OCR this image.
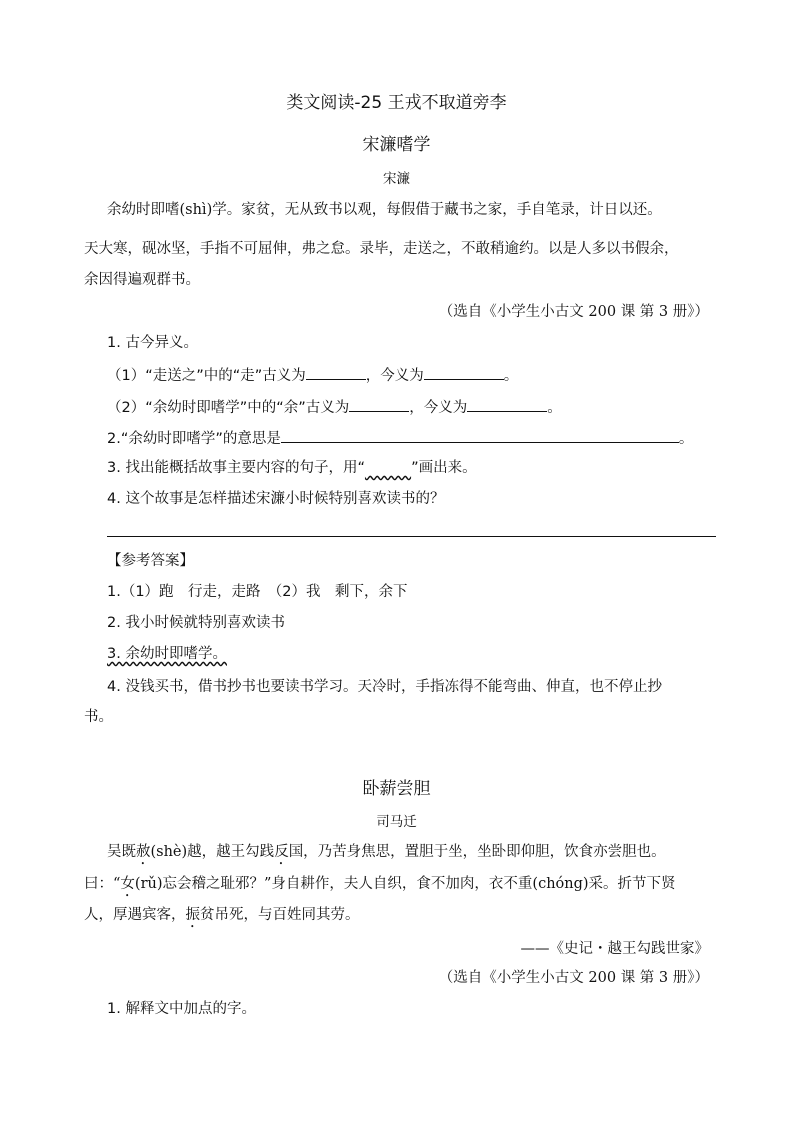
类文阅读-25 王戎不取道旁李
宋濂嗜学
宋濂
余幼时即嗜(shì)学。家贫，无从致书以观，每假借于藏书之家，手自笔录，计日以还。
天大寒，砚冰坚，手指不可屈伸，弗之怠。录毕，走送之，不敢稍逾约。以是人多以书假余，
余因得遍观群书。
（选自《小学生小古文 200 课 第 3 册》）
1. 古今异义。
（1）“走送之”中的“走”古义为	，今义为	。
（2）“余幼时即嗜学”中的“余”古义为	，今义为	。
2.“余幼时即嗜学”的意思是	。
3. 找出能概括故事主要内容的句子，用“	”画出来。
4. 这个故事是怎样描述宋濂小时候特别喜欢读书的？
【参考答案】
1.（1）跑　行走，走路　（2）我　剩下，余下
2. 我小时候就特别喜欢读书
3. 余幼时即嗜学。
4. 没钱买书，借书抄书也要读书学习。天冷时，手指冻得不能弯曲、伸直，也不停止抄
书。
卧薪尝胆
司马迁
吴既赦(shè)越，越王勾践反国，乃苦身焦思，置胆于坐，坐卧即仰胆，饮食亦尝胆也。
曰：“女(rǔ)忘会稽之耻邪？”身自耕作，夫人自织，食不加肉，衣不重(chóng)采。折节下贤
人，厚遇宾客，振贫吊死，与百姓同其劳。
——《史记・越王勾践世家》
（选自《小学生小古文 200 课 第 3 册》）
1. 解释文中加点的字。
